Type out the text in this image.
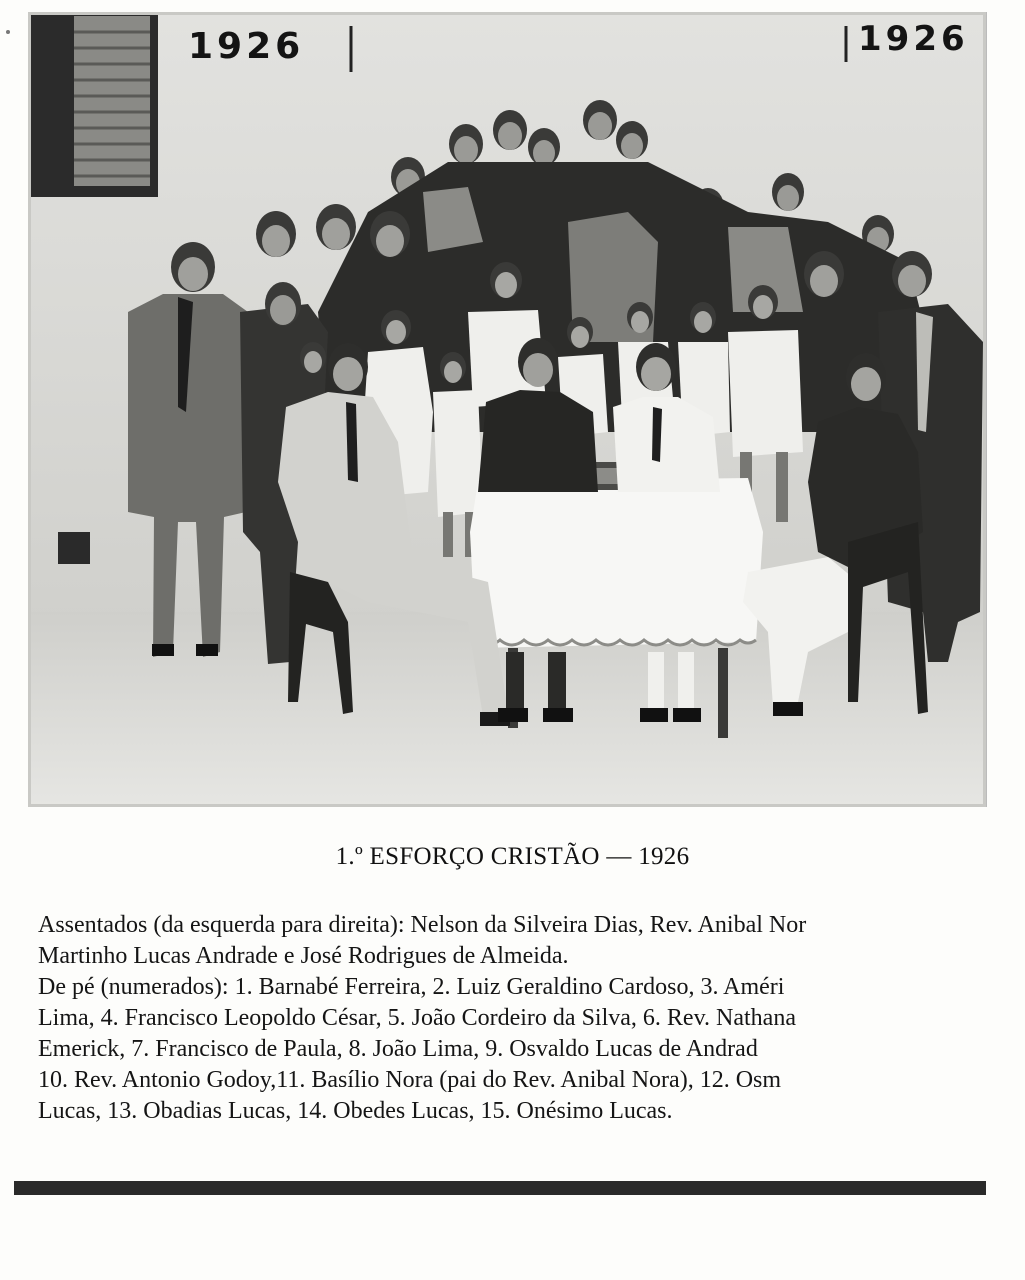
1926	1926
1.º ESFORÇO CRISTÃO — 1926
Assentados (da esquerda para direita): Nelson da Silveira Dias, Rev. Anibal Nor
Martinho Lucas Andrade e José Rodrigues de Almeida.
De pé (numerados): 1. Barnabé Ferreira, 2. Luiz Geraldino Cardoso, 3. Améri
Lima, 4. Francisco Leopoldo César, 5. João Cordeiro da Silva, 6. Rev. Nathana
Emerick, 7. Francisco de Paula, 8. João Lima, 9. Osvaldo Lucas de Andrad
10. Rev. Antonio Godoy,11. Basílio Nora (pai do Rev. Anibal Nora), 12. Osm
Lucas, 13. Obadias Lucas, 14. Obedes Lucas, 15. Onésimo Lucas.
